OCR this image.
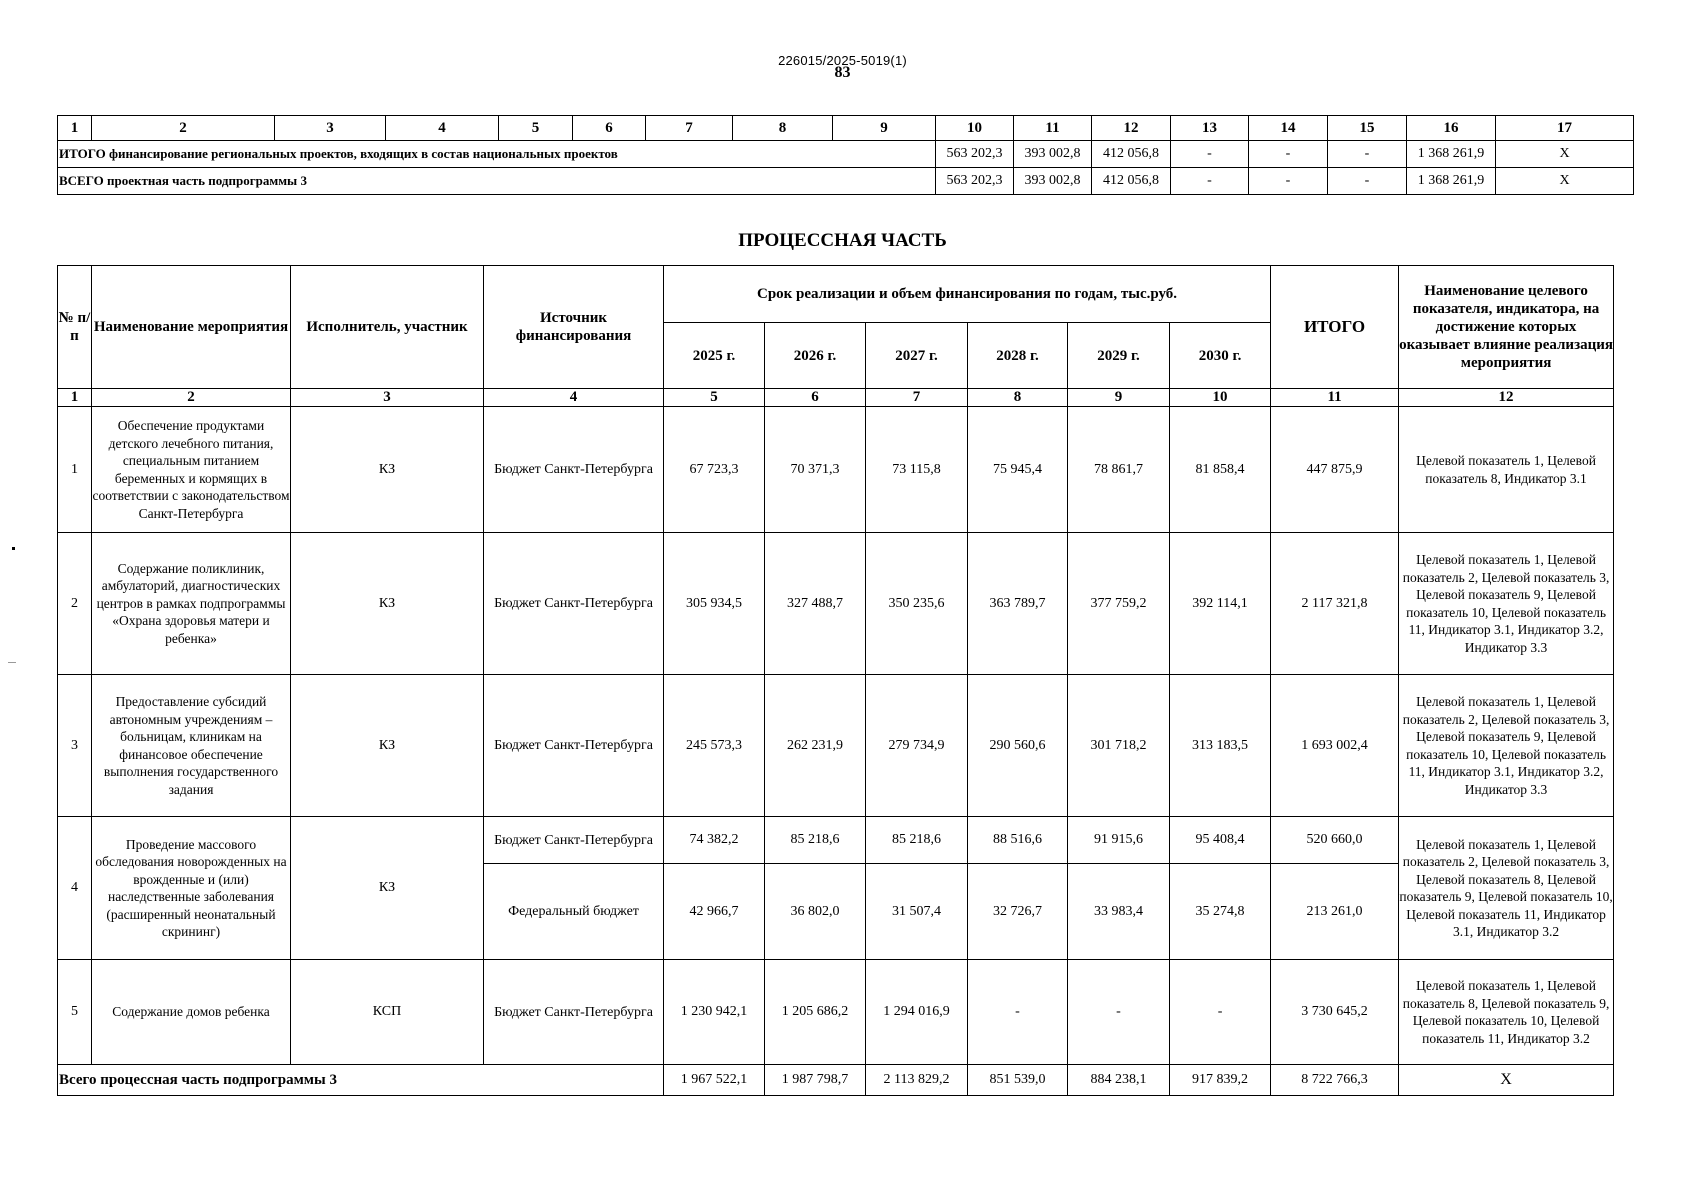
226015/2025-5019(1)
83
1	2	3	4	5	6	7	8	9	10	11	12	13	14	15	16	17
ИТОГО финансирование региональных проектов, входящих в состав национальных проектов									563 202,3	393 002,8	412 056,8	-	-	-	1 368 261,9	X
ВСЕГО проектная часть подпрограммы 3									563 202,3	393 002,8	412 056,8	-	-	-	1 368 261,9	X
ПРОЦЕССНАЯ ЧАСТЬ
№ п/п	Наименование мероприятия	Исполнитель, участник	Источник финансирования	Срок реализации и объем финансирования по годам, тыс.руб.						ИТОГО	Наименование целевого показателя, индикатора, на достижение которых оказывает влияние реализация мероприятия
				2025 г.	2026 г.	2027 г.	2028 г.	2029 г.	2030 г.		
1	2	3	4	5	6	7	8	9	10	11	12
1	Обеспечение продуктами детского лечебного питания, специальным питанием беременных и кормящих в соответствии с законодательством Санкт-Петербурга	КЗ	Бюджет Санкт-Петербурга	67 723,3	70 371,3	73 115,8	75 945,4	78 861,7	81 858,4	447 875,9	Целевой показатель 1, Целевой показатель 8, Индикатор 3.1
2	Содержание поликлиник, амбулаторий, диагностических центров в рамках подпрограммы «Охрана здоровья матери и ребенка»	КЗ	Бюджет Санкт-Петербурга	305 934,5	327 488,7	350 235,6	363 789,7	377 759,2	392 114,1	2 117 321,8	Целевой показатель 1, Целевой показатель 2, Целевой показатель 3, Целевой показатель 9, Целевой показатель 10, Целевой показатель 11, Индикатор 3.1, Индикатор 3.2, Индикатор 3.3
3	Предоставление субсидий автономным учреждениям – больницам, клиникам на финансовое обеспечение выполнения государственного задания	КЗ	Бюджет Санкт-Петербурга	245 573,3	262 231,9	279 734,9	290 560,6	301 718,2	313 183,5	1 693 002,4	Целевой показатель 1, Целевой показатель 2, Целевой показатель 3, Целевой показатель 9, Целевой показатель 10, Целевой показатель 11, Индикатор 3.1, Индикатор 3.2, Индикатор 3.3
4	Проведение массового обследования новорожденных на врожденные и (или) наследственные заболевания (расширенный неонатальный скрининг)	КЗ	Бюджет Санкт-Петербурга	74 382,2	85 218,6	85 218,6	88 516,6	91 915,6	95 408,4	520 660,0	Целевой показатель 1, Целевой показатель 2, Целевой показатель 3, Целевой показатель 8, Целевой показатель 9, Целевой показатель 10, Целевой показатель 11, Индикатор 3.1, Индикатор 3.2
			Федеральный бюджет	42 966,7	36 802,0	31 507,4	32 726,7	33 983,4	35 274,8	213 261,0	
5	Содержание домов ребенка	КСП	Бюджет Санкт-Петербурга	1 230 942,1	1 205 686,2	1 294 016,9	-	-	-	3 730 645,2	Целевой показатель 1, Целевой показатель 8, Целевой показатель 9, Целевой показатель 10, Целевой показатель 11, Индикатор 3.2
Всего процессная часть подпрограммы 3				1 967 522,1	1 987 798,7	2 113 829,2	851 539,0	884 238,1	917 839,2	8 722 766,3	X
